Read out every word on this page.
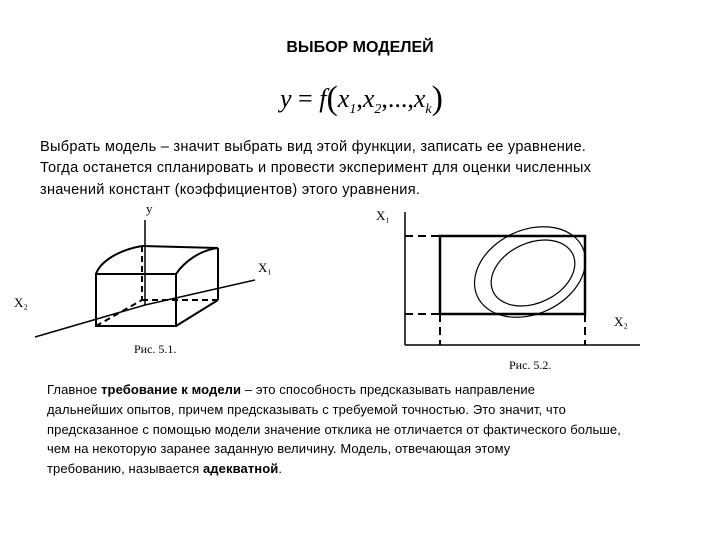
ВЫБОР МОДЕЛЕЙ
$y = f(x_1,x_2,...,x_k)$
Выбрать модель – значит выбрать вид этой функции, записать ее уравнение.
Тогда останется спланировать и провести эксперимент для оценки численных
значений констант (коэффициентов) этого уравнения.
y
X₁
X₂
Рис. 5.1.
X₁
X₂
Рис. 5.2.
Главное требование к модели – это способность предсказывать направление
дальнейших опытов, причем предсказывать с требуемой точностью. Это значит, что
предсказанное с помощью модели значение отклика не отличается от фактического больше,
чем на некоторую заранее заданную величину. Модель, отвечающая этому
требованию, называется адекватной.
